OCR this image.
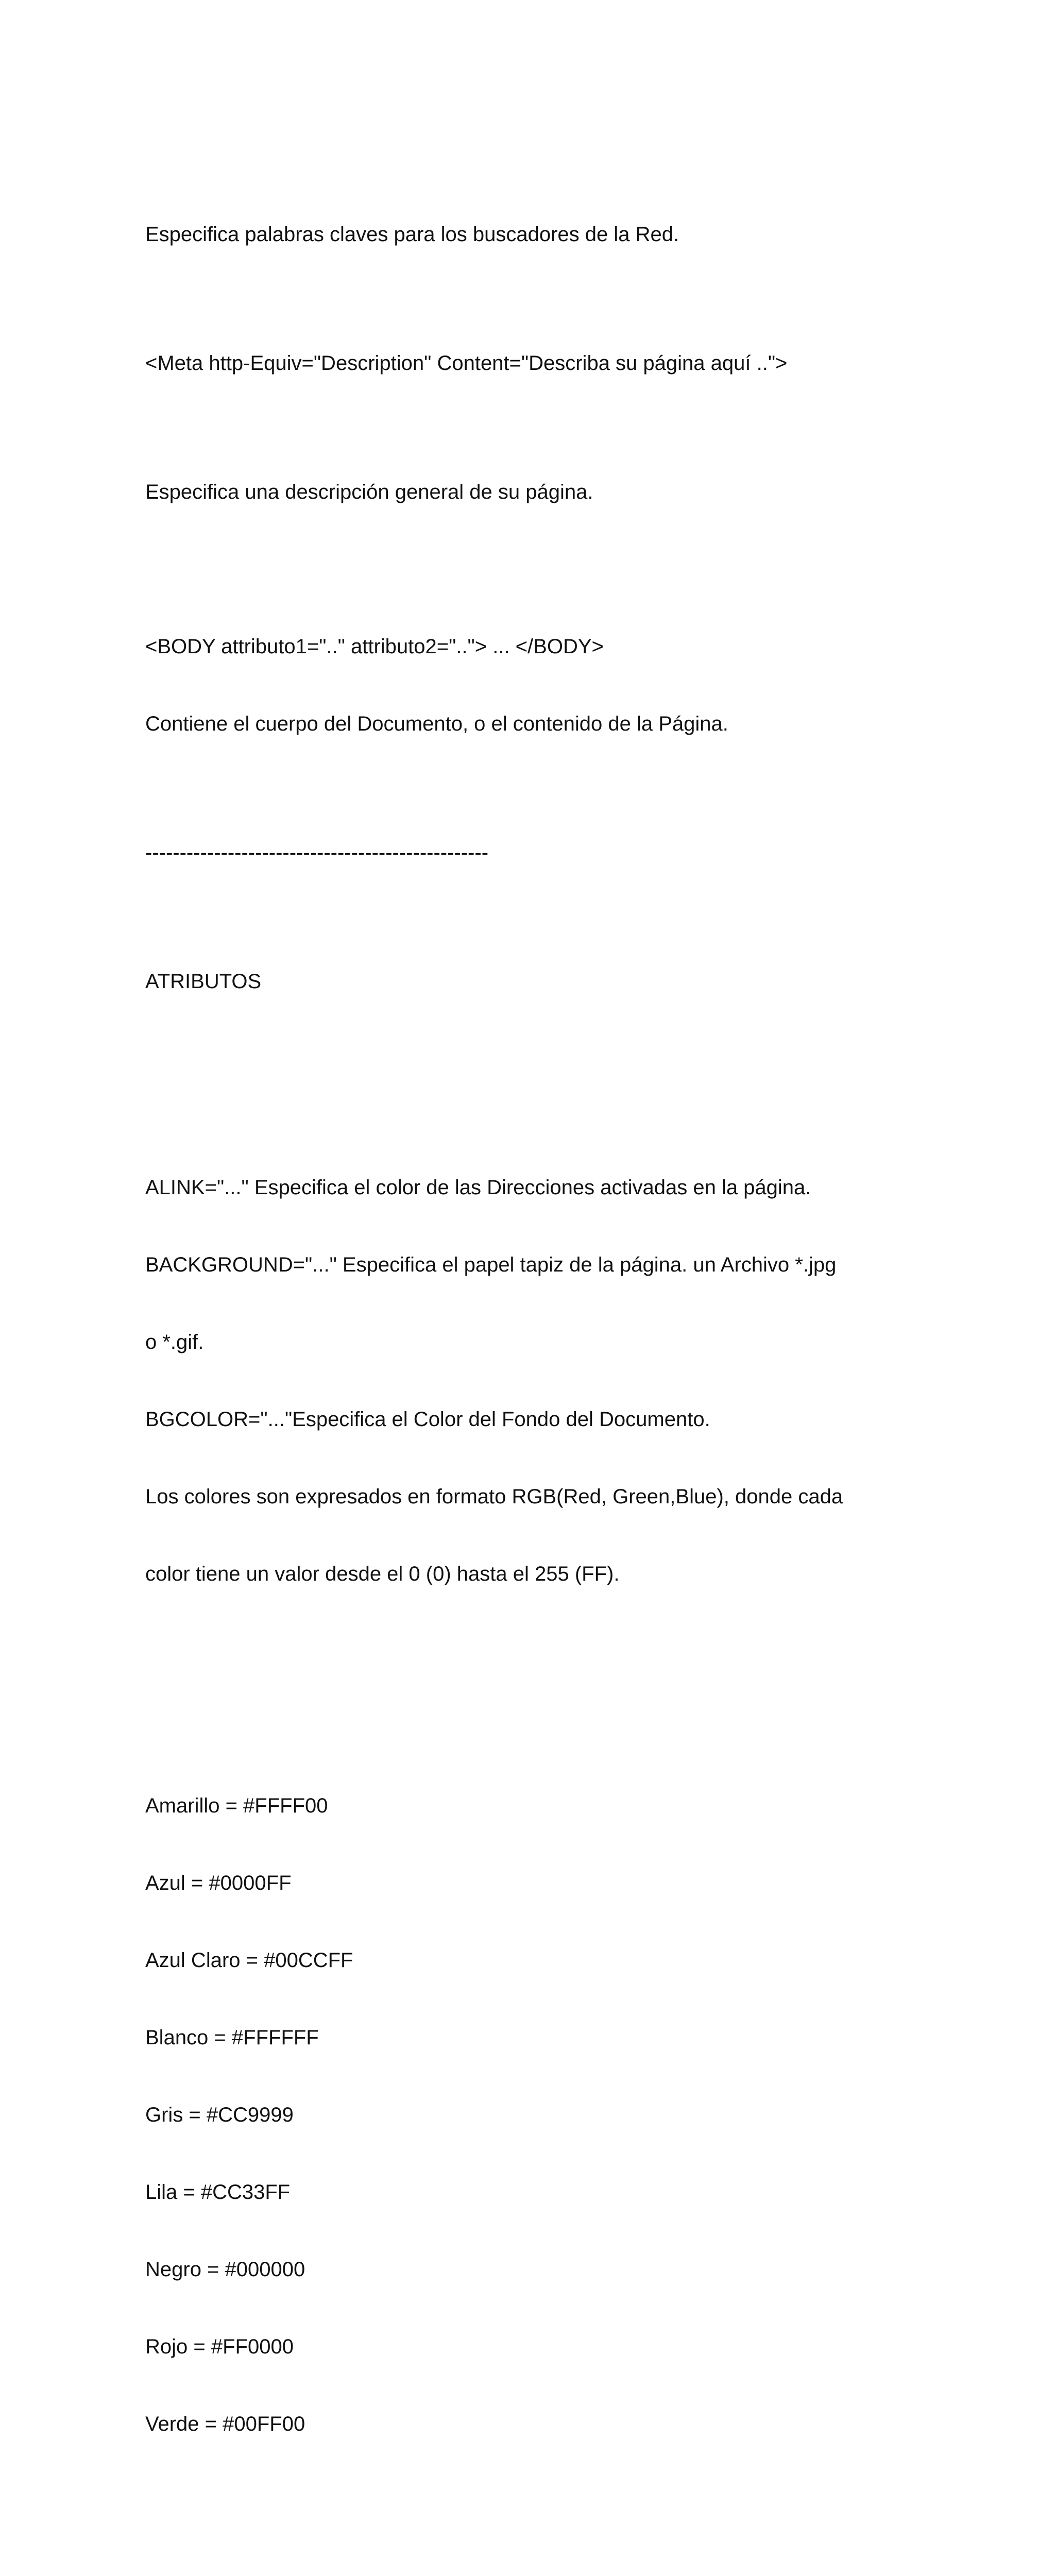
Especifica palabras claves para los buscadores de la Red.

<Meta http-Equiv="Description" Content="Describa su página aquí ..">

Especifica una descripción general de su página.

<BODY attributo1=".." attributo2=".."> ... </BODY>

Contiene el cuerpo del Documento, o el contenido de la Página.

--------------------------------------------------

ATRIBUTOS

ALINK="..." Especifica el color de las Direcciones activadas en la página.

BACKGROUND="..." Especifica el papel tapiz de la página. un Archivo *.jpg

o *.gif.

BGCOLOR="..."Especifica el Color del Fondo del Documento.

Los colores son expresados en formato RGB(Red, Green,Blue), donde cada

color tiene un valor desde el 0 (0) hasta el 255 (FF).

Amarillo = #FFFF00

Azul = #0000FF

Azul Claro = #00CCFF

Blanco = #FFFFFF

Gris = #CC9999

Lila = #CC33FF

Negro = #000000

Rojo = #FF0000

Verde = #00FF00
